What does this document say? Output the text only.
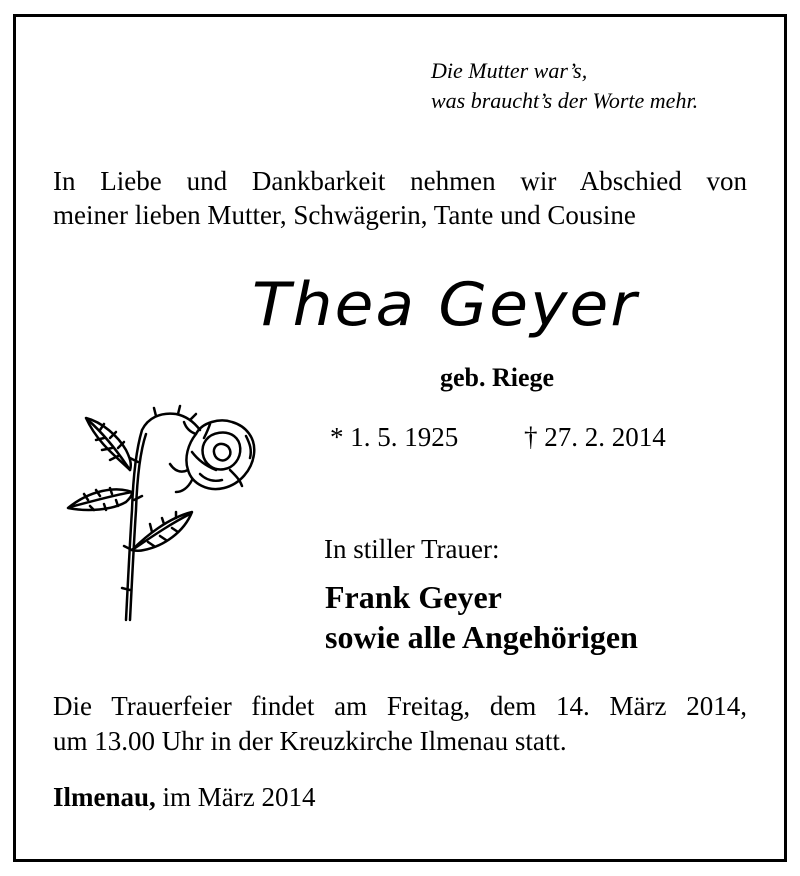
Die Mutter war’s,
was braucht’s der Worte mehr.
In Liebe und Dankbarkeit nehmen wir Abschied von
meiner lieben Mutter, Schwägerin, Tante und Cousine
Thea Geyer
geb. Riege
* 1. 5. 1925 † 27. 2. 2014
In stiller Trauer:
Frank Geyer
sowie alle Angehörigen
Die Trauerfeier findet am Freitag, dem 14. März 2014,
um 13.00 Uhr in der Kreuzkirche Ilmenau statt.
Ilmenau, im März 2014
